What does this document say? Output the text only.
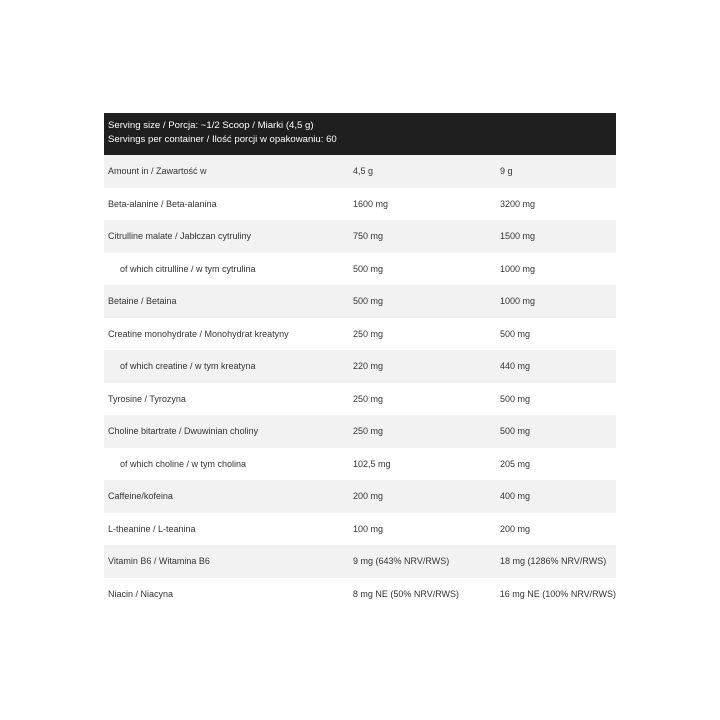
Serving size / Porcja: ~1/2 Scoop / Miarki (4,5 g)
Servings per container / Ilość porcji w opakowaniu: 60
Amount in / Zawartość w	4,5 g	9 g
Beta-alanine / Beta-alanina	1600 mg	3200 mg
Citrulline malate / Jabłczan cytruliny	750 mg	1500 mg
of which citrulline / w tym cytrulina	500 mg	1000 mg
Betaine / Betaina	500 mg	1000 mg
Creatine monohydrate / Monohydrat kreatyny	250 mg	500 mg
of which creatine / w tym kreatyna	220 mg	440 mg
Tyrosine / Tyrozyna	250 mg	500 mg
Choline bitartrate / Dwuwinian choliny	250 mg	500 mg
of which choline / w tym cholina	102,5 mg	205 mg
Caffeine/kofeina	200 mg	400 mg
L-theanine / L-teanina	100 mg	200 mg
Vitamin B6 / Witamina B6	9 mg (643% NRV/RWS)	18 mg (1286% NRV/RWS)
Niacin / Niacyna	8 mg NE (50% NRV/RWS)	16 mg NE (100% NRV/RWS)
